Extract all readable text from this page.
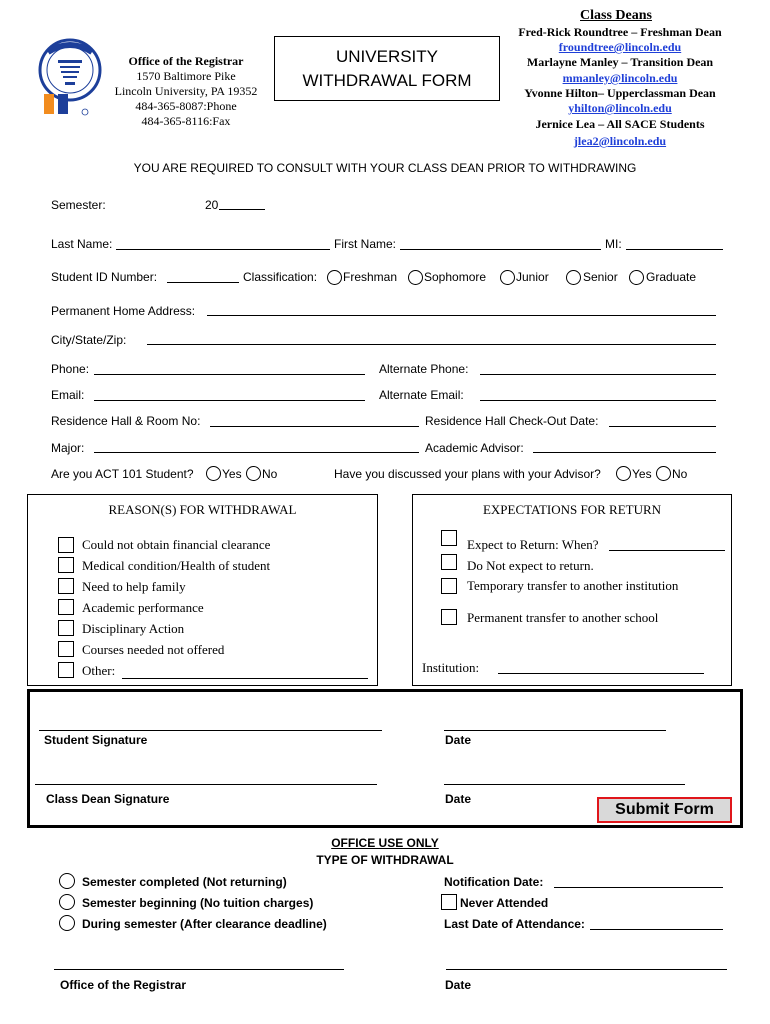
Office of the Registrar
1570 Baltimore Pike
Lincoln University, PA 19352
484-365-8087:Phone
484-365-8116:Fax
UNIVERSITY
WITHDRAWAL FORM
Class Deans
Fred-Rick Roundtree – Freshman Dean
froundtree@lincoln.edu
Marlayne Manley – Transition Dean
mmanley@lincoln.edu
Yvonne Hilton– Upperclassman Dean
yhilton@lincoln.edu
Jernice Lea – All SACE Students
jlea2@lincoln.edu
YOU ARE REQUIRED TO CONSULT WITH YOUR CLASS DEAN PRIOR TO WITHDRAWING
Semester:	20
Last Name:	First Name:	MI:
Student ID Number:	Classification: Freshman Sophomore Junior	Senior Graduate
Permanent Home Address:
City/State/Zip:
Phone:	Alternate Phone:
Email:	Alternate Email:
Residence Hall & Room No:	Residence Hall Check-Out Date:
Major:	Academic Advisor:
Are you ACT 101 Student? Yes No	Have you discussed your plans with your Advisor?	Yes No
REASON(S) FOR WITHDRAWAL
Could not obtain financial clearance
Medical condition/Health of student
Need to help family
Academic performance
Disciplinary Action
Courses needed not offered
Other:
EXPECTATIONS FOR RETURN
Expect to Return: When?
Do Not expect to return.
Temporary transfer to another institution
Permanent transfer to another school
Institution:
Student Signature	Date
Class Dean Signature	Date
Submit Form
OFFICE USE ONLY
TYPE OF WITHDRAWAL
Semester completed (Not returning)
Semester beginning (No tuition charges)
During semester (After clearance deadline)
Notification Date:
Never Attended
Last Date of Attendance:
Office of the Registrar	Date
